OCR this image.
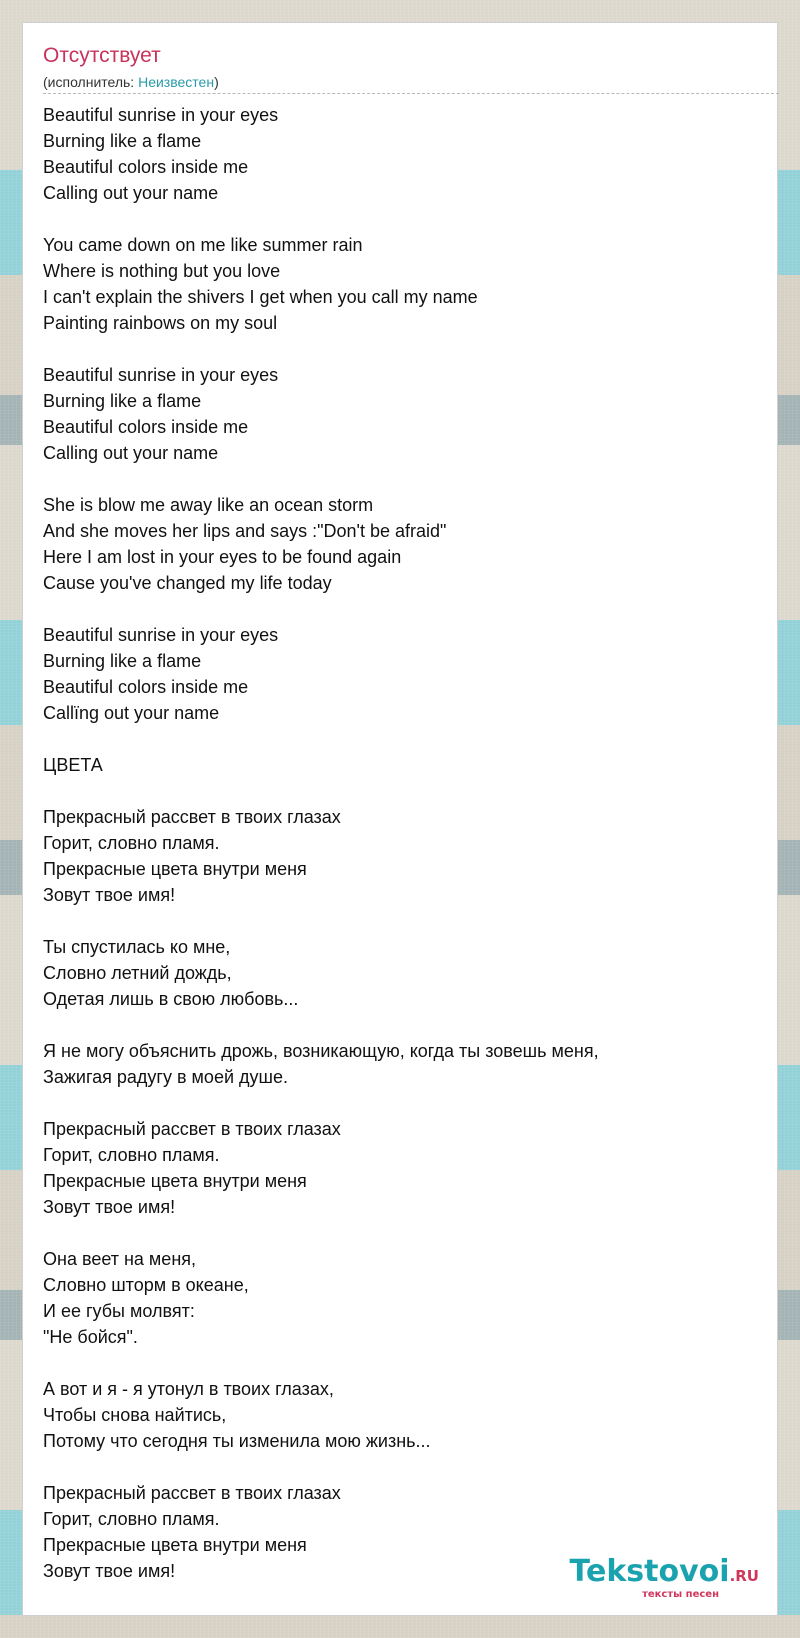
Отсутствует
(исполнитель: Неизвестен)
Beautiful sunrise in your eyes
Burning like a flame
Beautiful colors inside me
Calling out your name

You came down on me like summer rain
Where is nothing but you love
I can't explain the shivers I get when you call my name
Painting rainbows on my soul

Beautiful sunrise in your eyes
Burning like a flame
Beautiful colors inside me
Calling out your name

She is blow me away like an ocean storm
And she moves her lips and says :"Don't be afraid"
Here I am lost in your eyes to be found again
Cause you've changed my life today

Beautiful sunrise in your eyes
Burning like a flame
Beautiful colors inside me
Callïng out your name

ЦВЕТА

Прекрасный рассвет в твоих глазах
Горит, словно пламя.
Прекрасные цвета внутри меня
Зовут твое имя!

Ты спустилась ко мне,
Словно летний дождь,
Одетая лишь в свою любовь...

Я не могу объяснить дрожь, возникающую, когда ты зовешь меня,
Зажигая радугу в моей душе.

Прекрасный рассвет в твоих глазах
Горит, словно пламя.
Прекрасные цвета внутри меня
Зовут твое имя!

Она веет на меня,
Словно шторм в океане,
И ее губы молвят:
"Не бойся".

А вот и я - я утонул в твоих глазах,
Чтобы снова найтись,
Потому что сегодня ты изменила мою жизнь...

Прекрасный рассвет в твоих глазах
Горит, словно пламя.
Прекрасные цвета внутри меня
Зовут твое имя!	Tekstovoi.RU
тексты песен
